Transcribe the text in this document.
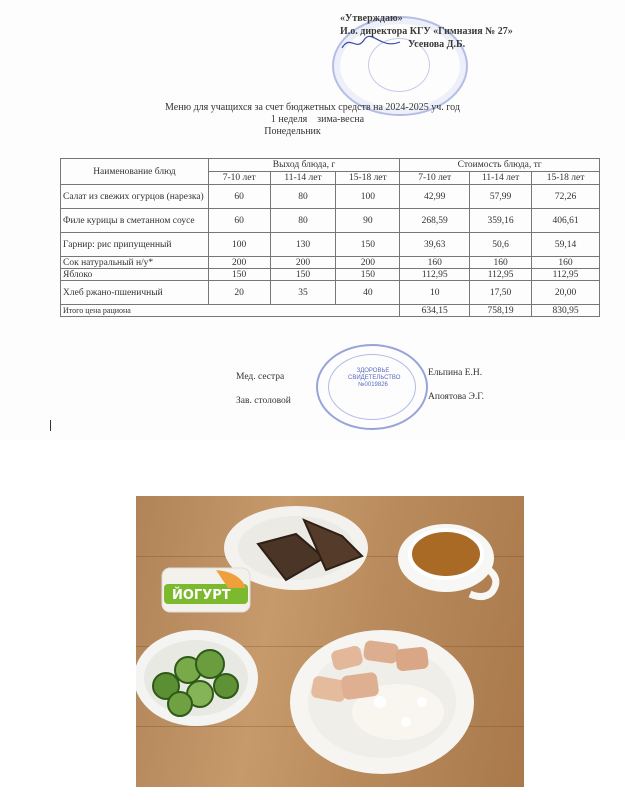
«Утверждаю»
И.о. директора КГУ «Гимназия № 27»
Усенова Д.Б.
Меню для учащихся за счет бюджетных средств на 2024-2025 уч. год
1 неделя    зима-весна
Понедельник
Наименование блюд	Выход блюда, г			Стоимость блюда, тг		
	7-10 лет	11-14 лет	15-18 лет	7-10 лет	11-14 лет	15-18 лет
Салат из свежих огурцов (нарезка)	60	80	100	42,99	57,99	72,26
Филе курицы в сметанном соусе	60	80	90	268,59	359,16	406,61
Гарнир: рис припущенный	100	130	150	39,63	50,6	59,14
Сок натуральный н/у*	200	200	200	160	160	160
Яблоко	150	150	150	112,95	112,95	112,95
Хлеб ржано-пшеничный	20	35	40	10	17,50	20,00
Итого цена рациона				634,15	758,19	830,95
ЗДОРОВЬЕ СВИДЕТЕЛЬСТВО №0019826
Мед. сестра	Ельпина Е.Н.
Зав. столовой	Апоятова Э.Г.
ЙОГУРТ
